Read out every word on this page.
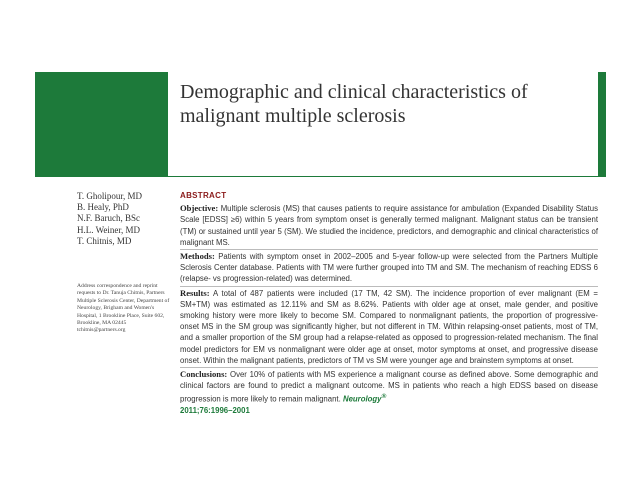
Demographic and clinical characteristics of malignant multiple sclerosis
T. Gholipour, MD
B. Healy, PhD
N.F. Baruch, BSc
H.L. Weiner, MD
T. Chitnis, MD
Address correspondence and reprint requests to Dr. Tanuja Chitnis, Partners Multiple Sclerosis Center, Department of Neurology, Brigham and Women's Hospital, 1 Brookline Place, Suite 602, Brookline, MA 02445 tchitnis@partners.org
ABSTRACT

Objective: Multiple sclerosis (MS) that causes patients to require assistance for ambulation (Expanded Disability Status Scale [EDSS] ≥6) within 5 years from symptom onset is generally termed malignant. Malignant status can be transient (TM) or sustained until year 5 (SM). We studied the incidence, predictors, and demographic and clinical characteristics of malignant MS.

Methods: Patients with symptom onset in 2002–2005 and 5-year follow-up were selected from the Partners Multiple Sclerosis Center database. Patients with TM were further grouped into TM and SM. The mechanism of reaching EDSS 6 (relapse- vs progression-related) was determined.

Results: A total of 487 patients were included (17 TM, 42 SM). The incidence proportion of ever malignant (EM = SM+TM) was estimated as 12.11% and SM as 8.62%. Patients with older age at onset, male gender, and positive smoking history were more likely to become SM. Compared to nonmalignant patients, the proportion of progressive-onset MS in the SM group was significantly higher, but not different in TM. Within relapsing-onset patients, most of TM, and a smaller proportion of the SM group had a relapse-related as opposed to progression-related mechanism. The final model predictors for EM vs nonmalignant were older age at onset, motor symptoms at onset, and progressive disease onset. Within the malignant patients, predictors of TM vs SM were younger age and brainstem symptoms at onset.

Conclusions: Over 10% of patients with MS experience a malignant course as defined above. Some demographic and clinical factors are found to predict a malignant outcome. MS in patients who reach a high EDSS based on disease progression is more likely to remain malignant. Neurology®
2011;76:1996–2001
